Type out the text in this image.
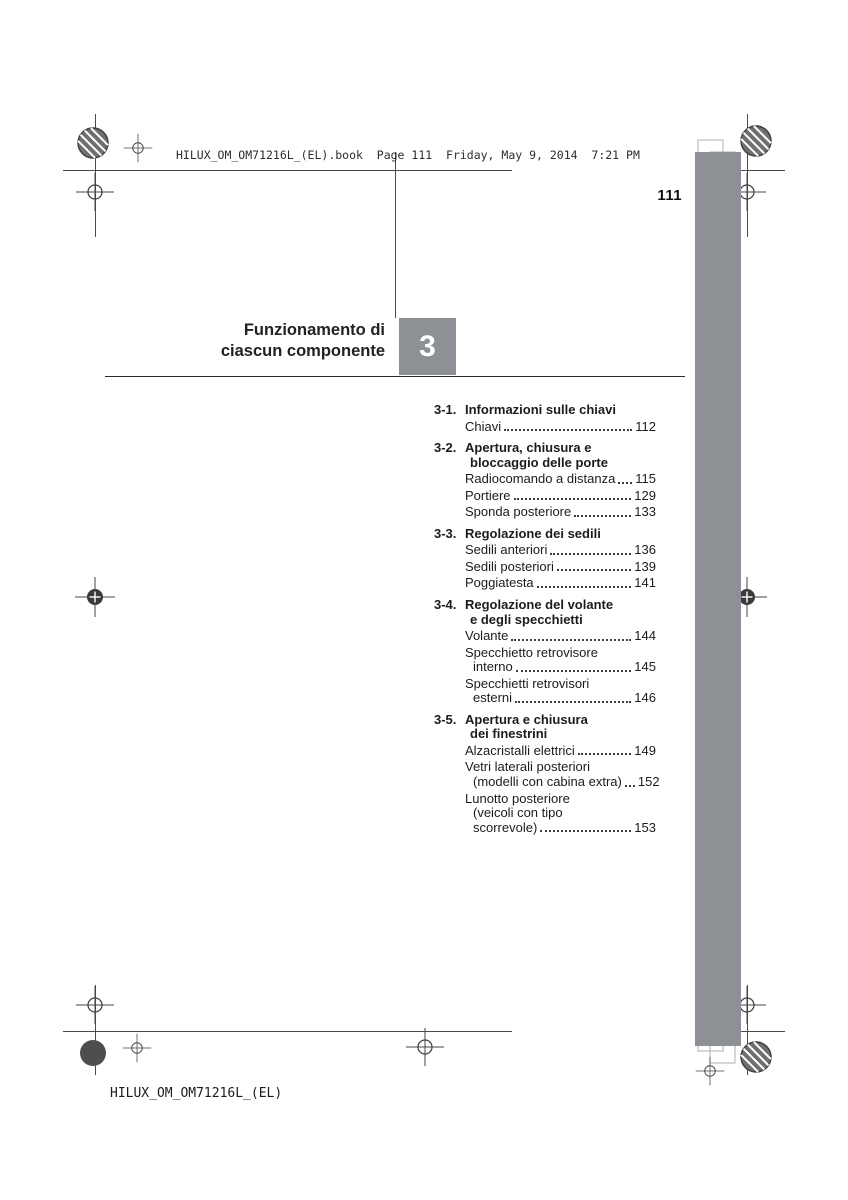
HILUX_OM_OM71216L_(EL).book  Page 111  Friday, May 9, 2014  7:21 PM
111
Funzionamento di
ciascun componente	3
3-1. Informazioni sulle chiavi
Chiavi	112
3-2. Apertura, chiusura e
bloccaggio delle porte
Radiocomando a distanza 115
Portiere	129
Sponda posteriore	133
3-3. Regolazione dei sedili
Sedili anteriori	136
Sedili posteriori	139
Poggiatesta	141
3-4. Regolazione del volante
e degli specchietti
Volante	144
Specchietto retrovisore
interno	145
Specchietti retrovisori
esterni	146
3-5. Apertura e chiusura
dei finestrini
Alzacristalli elettrici	149
Vetri laterali posteriori
(modelli con cabina extra) 152
Lunotto posteriore
(veicoli con tipo
scorrevole)	153
HILUX_OM_OM71216L_(EL)
